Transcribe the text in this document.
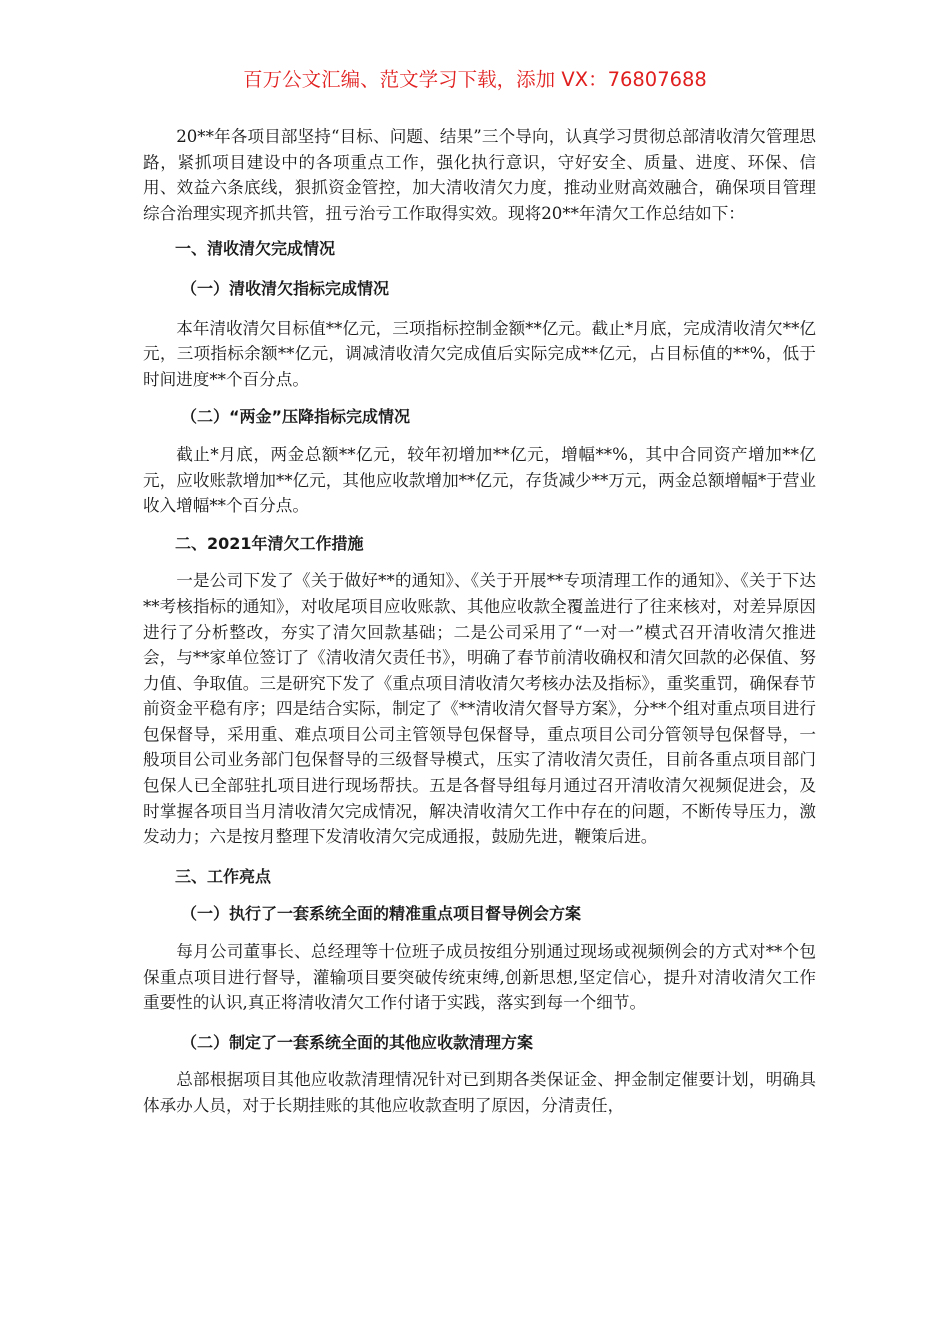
百万公文汇编、范文学习下载，添加 VX：76807688

20**年各项目部坚持“目标、问题、结果”三个导向，认真学习贯彻总部清收清欠管理思路，紧抓项目建设中的各项重点工作，强化执行意识，守好安全、质量、进度、环保、信用、效益六条底线，狠抓资金管控，加大清收清欠力度，推动业财高效融合，确保项目管理综合治理实现齐抓共管，扭亏治亏工作取得实效。现将20**年清欠工作总结如下：

一、清收清欠完成情况

（一）清收清欠指标完成情况

本年清收清欠目标值**亿元，三项指标控制金额**亿元。截止*月底，完成清收清欠**亿元，三项指标余额**亿元，调减清收清欠完成值后实际完成**亿元，占目标值的**%，低于时间进度**个百分点。

（二）“两金”压降指标完成情况

截止*月底，两金总额**亿元，较年初增加**亿元，增幅**%，其中合同资产增加**亿元，应收账款增加**亿元，其他应收款增加**亿元，存货减少**万元，两金总额增幅*于营业收入增幅**个百分点。

二、2021年清欠工作措施

一是公司下发了《关于做好**的通知》、《关于开展**专项清理工作的通知》、《关于下达**考核指标的通知》，对收尾项目应收账款、其他应收款全覆盖进行了往来核对，对差异原因进行了分析整改，夯实了清欠回款基础；二是公司采用了“一对一”模式召开清收清欠推进会，与**家单位签订了《清收清欠责任书》，明确了春节前清收确权和清欠回款的必保值、努力值、争取值。三是研究下发了《重点项目清收清欠考核办法及指标》，重奖重罚，确保春节前资金平稳有序；四是结合实际，制定了《**清收清欠督导方案》，分**个组对重点项目进行包保督导，采用重、难点项目公司主管领导包保督导，重点项目公司分管领导包保督导，一般项目公司业务部门包保督导的三级督导模式，压实了清收清欠责任，目前各重点项目部门包保人已全部驻扎项目进行现场帮扶。五是各督导组每月通过召开清收清欠视频促进会，及时掌握各项目当月清收清欠完成情况，解决清收清欠工作中存在的问题，不断传导压力，激发动力；六是按月整理下发清收清欠完成通报，鼓励先进，鞭策后进。

三、工作亮点

（一）执行了一套系统全面的精准重点项目督导例会方案

每月公司董事长、总经理等十位班子成员按组分别通过现场或视频例会的方式对**个包保重点项目进行督导，灌输项目要突破传统束缚,创新思想,坚定信心，提升对清收清欠工作重要性的认识,真正将清收清欠工作付诸于实践，落实到每一个细节。

（二）制定了一套系统全面的其他应收款清理方案

总部根据项目其他应收款清理情况针对已到期各类保证金、押金制定催要计划，明确具体承办人员，对于长期挂账的其他应收款查明了原因，分清责任，
